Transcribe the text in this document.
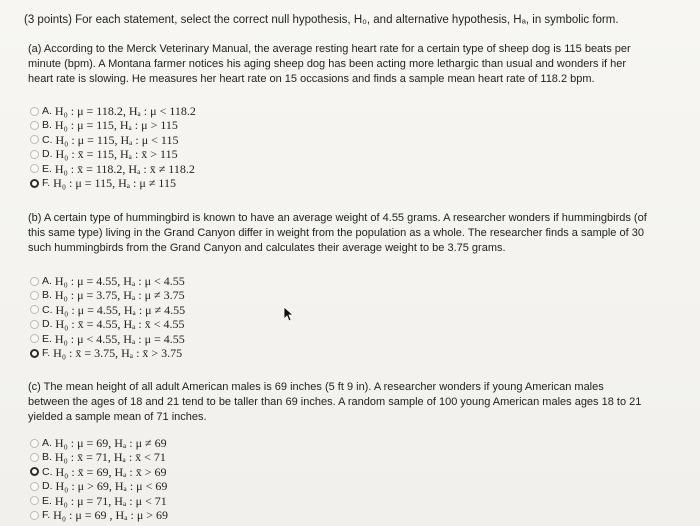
(3 points) For each statement, select the correct null hypothesis, H₀, and alternative hypothesis, Hₐ, in symbolic form.
(a) According to the Merck Veterinary Manual, the average resting heart rate for a certain type of sheep dog is 115 beats per minute (bpm). A Montana farmer notices his aging sheep dog has been acting more lethargic than usual and wonders if her heart rate is slowing. He measures her heart rate on 15 occasions and finds a sample mean heart rate of 118.2 bpm.
A. H₀ : μ = 118.2, Hₐ : μ < 118.2
B. H₀ : μ = 115, Hₐ : μ > 115
C. H₀ : μ = 115, Hₐ : μ < 115
D. H₀ : x̄ = 115, Hₐ : x̄ > 115
E. H₀ : x̄ = 118.2, Hₐ : x̄ ≠ 118.2
F. H₀ : μ = 115, Hₐ : μ ≠ 115
(b) A certain type of hummingbird is known to have an average weight of 4.55 grams. A researcher wonders if hummingbirds (of this same type) living in the Grand Canyon differ in weight from the population as a whole. The researcher finds a sample of 30 such hummingbirds from the Grand Canyon and calculates their average weight to be 3.75 grams.
A. H₀ : μ = 4.55, Hₐ : μ < 4.55
B. H₀ : μ = 3.75, Hₐ : μ ≠ 3.75
C. H₀ : μ = 4.55, Hₐ : μ ≠ 4.55
D. H₀ : x̄ = 4.55, Hₐ : x̄ < 4.55
E. H₀ : μ < 4.55, Hₐ : μ = 4.55
F. H₀ : x̄ = 3.75, Hₐ : x̄ > 3.75
(c) The mean height of all adult American males is 69 inches (5 ft 9 in). A researcher wonders if young American males between the ages of 18 and 21 tend to be taller than 69 inches. A random sample of 100 young American males ages 18 to 21 yielded a sample mean of 71 inches.
A. H₀ : μ = 69, Hₐ : μ ≠ 69
B. H₀ : x̄ = 71, Hₐ : x̄ < 71
C. H₀ : x̄ = 69, Hₐ : x̄ > 69
D. H₀ : μ > 69, Hₐ : μ < 69
E. H₀ : μ = 71, Hₐ : μ < 71
F. H₀ : μ = 69 , Hₐ : μ > 69
